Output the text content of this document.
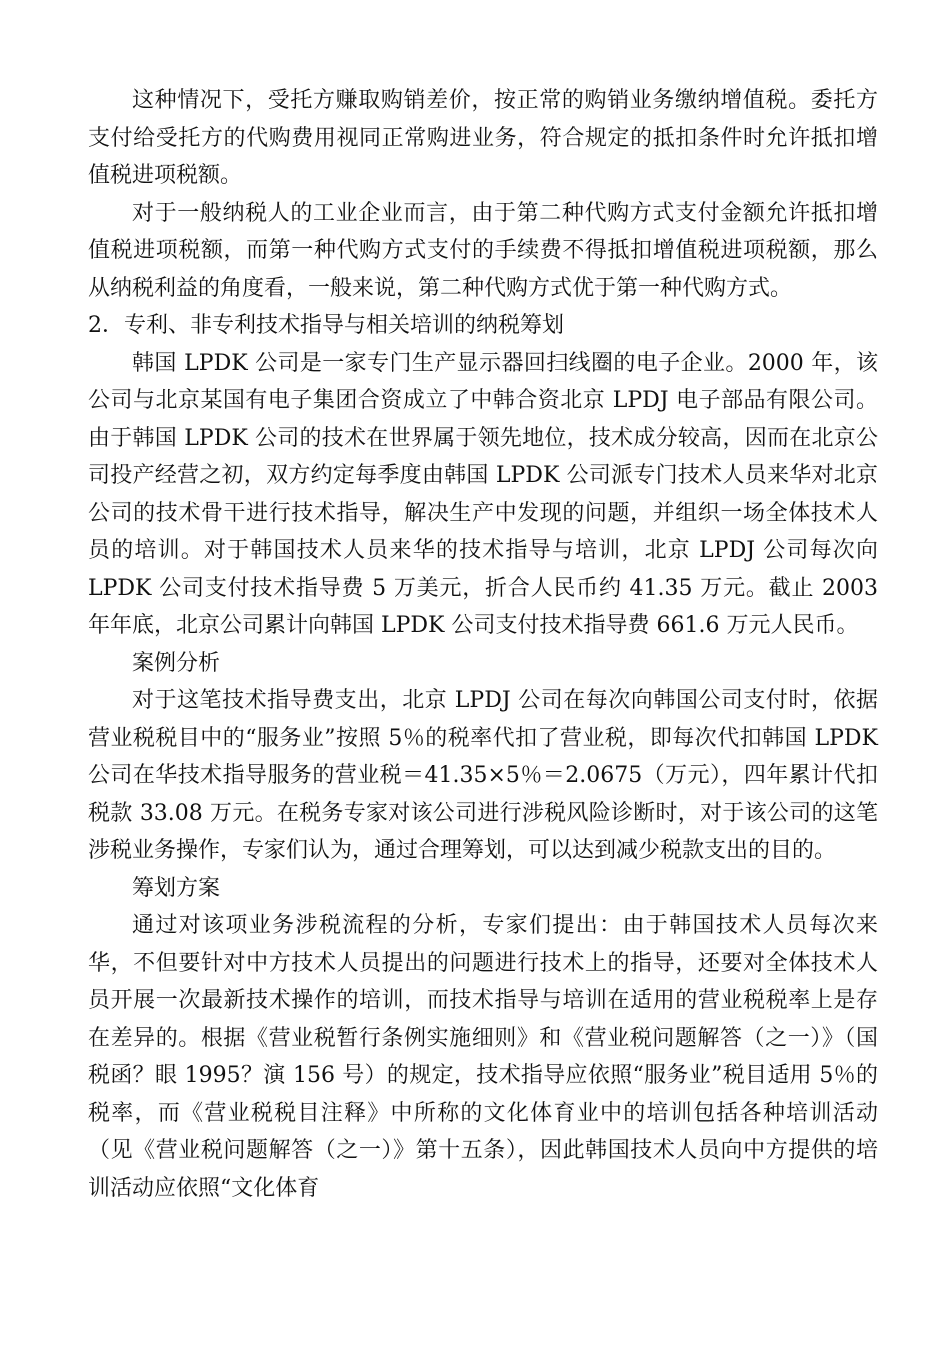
这种情况下，受托方赚取购销差价，按正常的购销业务缴纳增值税。委托方支付给受托方的代购费用视同正常购进业务，符合规定的抵扣条件时允许抵扣增值税进项税额。

对于一般纳税人的工业企业而言，由于第二种代购方式支付金额允许抵扣增值税进项税额，而第一种代购方式支付的手续费不得抵扣增值税进项税额，那么从纳税利益的角度看，一般来说，第二种代购方式优于第一种代购方式。

2．专利、非专利技术指导与相关培训的纳税筹划

韩国 LPDK 公司是一家专门生产显示器回扫线圈的电子企业。2000 年，该公司与北京某国有电子集团合资成立了中韩合资北京 LPDJ 电子部品有限公司。由于韩国 LPDK 公司的技术在世界属于领先地位，技术成分较高，因而在北京公司投产经营之初，双方约定每季度由韩国 LPDK 公司派专门技术人员来华对北京公司的技术骨干进行技术指导，解决生产中发现的问题，并组织一场全体技术人员的培训。对于韩国技术人员来华的技术指导与培训，北京 LPDJ 公司每次向 LPDK 公司支付技术指导费 5 万美元，折合人民币约 41.35 万元。截止 2003 年年底，北京公司累计向韩国 LPDK 公司支付技术指导费 661.6 万元人民币。

案例分析

对于这笔技术指导费支出，北京 LPDJ 公司在每次向韩国公司支付时，依据营业税税目中的“服务业”按照 5％的税率代扣了营业税，即每次代扣韩国 LPDK 公司在华技术指导服务的营业税＝41.35×5％＝2.0675（万元），四年累计代扣税款 33.08 万元。在税务专家对该公司进行涉税风险诊断时，对于该公司的这笔涉税业务操作，专家们认为，通过合理筹划，可以达到减少税款支出的目的。

筹划方案

通过对该项业务涉税流程的分析，专家们提出：由于韩国技术人员每次来华，不但要针对中方技术人员提出的问题进行技术上的指导，还要对全体技术人员开展一次最新技术操作的培训，而技术指导与培训在适用的营业税税率上是存在差异的。根据《营业税暂行条例实施细则》和《营业税问题解答（之一）》（国税函？眼 1995？演 156 号）的规定，技术指导应依照“服务业”税目适用 5％的税率，而《营业税税目注释》中所称的文化体育业中的培训包括各种培训活动（见《营业税问题解答（之一）》第十五条），因此韩国技术人员向中方提供的培训活动应依照“文化体育
